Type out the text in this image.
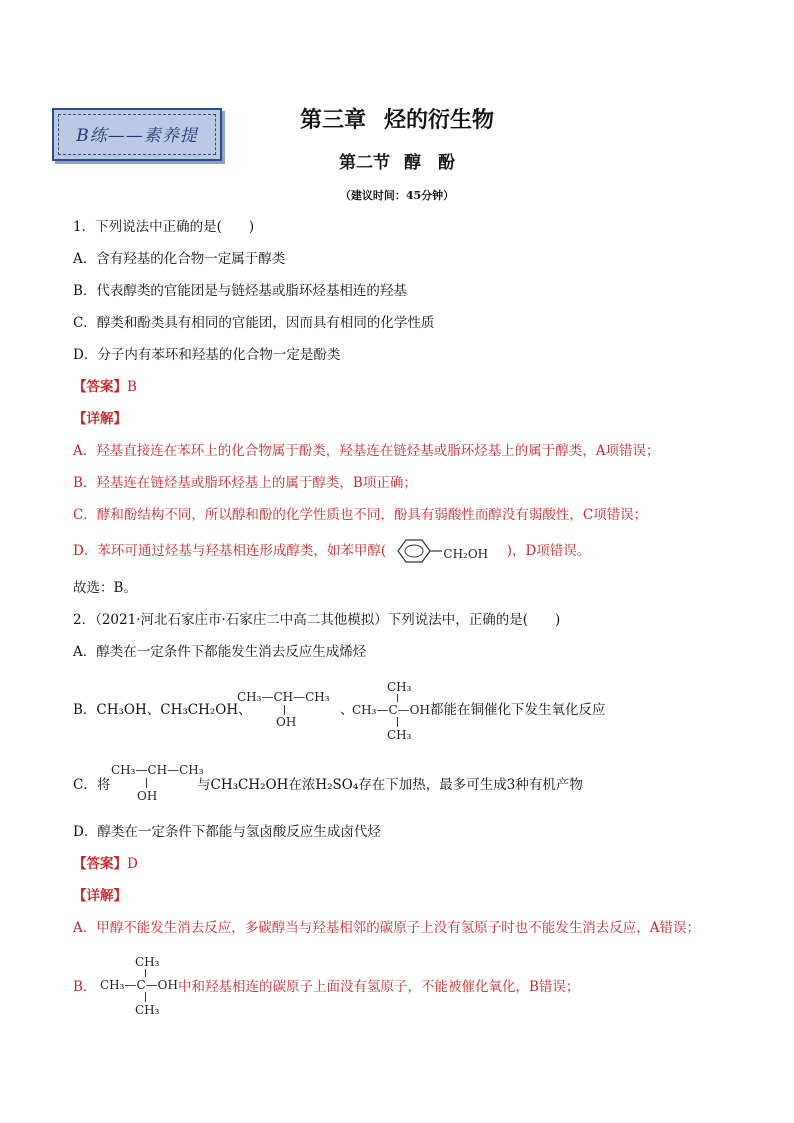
B练——素养提
第三章 烃的衍生物
第二节 醇　酚
（建议时间：45分钟）
1．下列说法中正确的是(　　)
A．含有羟基的化合物一定属于醇类
B．代表醇类的官能团是与链烃基或脂环烃基相连的羟基
C．醇类和酚类具有相同的官能团，因而具有相同的化学性质
D．分子内有苯环和羟基的化合物一定是酚类
【答案】B
【详解】
A．羟基直接连在苯环上的化合物属于酚类，羟基连在链烃基或脂环烃基上的属于醇类，A项错误；
B．羟基连在链烃基或脂环烃基上的属于醇类，B项正确；
C．酵和酚结构不同，所以醇和酚的化学性质也不同，酚具有弱酸性而醇没有弱酸性，C项错误；
D．苯环可通过烃基与羟基相连形成醇类，如苯甲醇(	CH₂OH )，D项错误。
故选：B。
2．（2021·河北石家庄市·石家庄二中高二其他模拟）下列说法中，正确的是(　　)
A．醇类在一定条件下都能发生消去反应生成烯烃
B．CH₃OH、CH₃CH₂OH、
CH₃—CH—CH₃
OH
、
CH₃
CH₃—C—OH
CH₃
都能在铜催化下发生氧化反应
C．将
CH₃—CH—CH₃
OH
与CH₃CH₂OH在浓H₂SO₄存在下加热，最多可生成3种有机产物
D．醇类在一定条件下都能与氢卤酸反应生成卤代烃
【答案】D
【详解】
A．甲醇不能发生消去反应，多碳醇当与羟基相邻的碳原子上没有氢原子时也不能发生消去反应，A错误；
B．
CH₃
CH₃—C—OH
CH₃
中和羟基相连的碳原子上面没有氢原子，不能被催化氧化，B错误；
